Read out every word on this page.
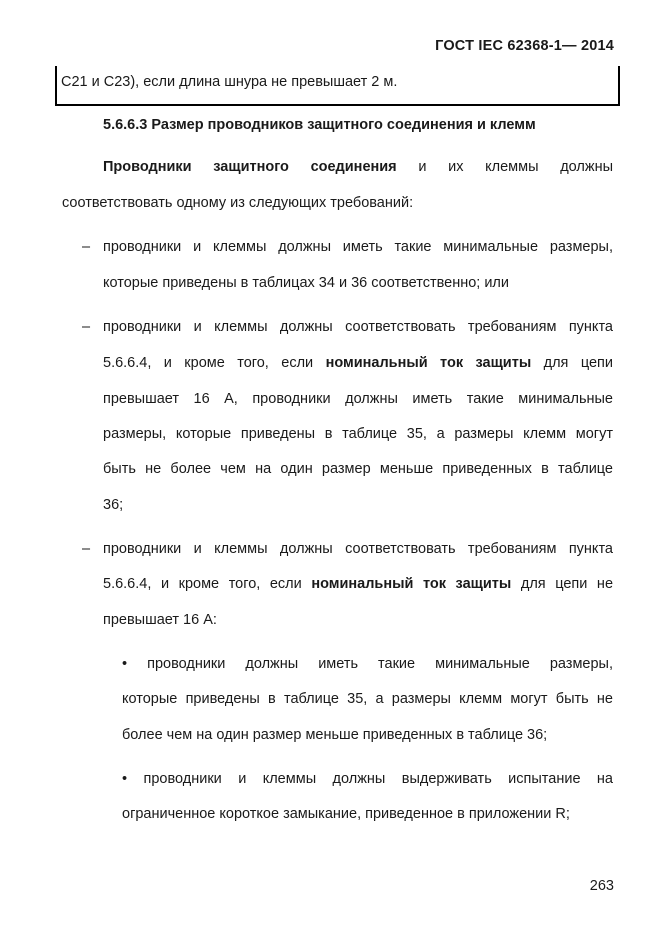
ГОСТ IEC 62368-1— 2014
C21 и C23), если длина шнура не превышает 2 м.
5.6.6.3 Размер проводников защитного соединения и клемм
Проводники защитного соединения и их клеммы должны
соответствовать одному из следующих требований:
– проводники и клеммы должны иметь такие минимальные размеры,
которые приведены в таблицах 34 и 36 соответственно; или
– проводники и клеммы должны соответствовать требованиям пункта
5.6.6.4, и кроме того, если номинальный ток защиты для цепи
превышает 16 А, проводники должны иметь такие минимальные
размеры, которые приведены в таблице 35, а размеры клемм могут
быть не более чем на один размер меньше приведенных в таблице
36;
– проводники и клеммы должны соответствовать требованиям пункта
5.6.6.4, и кроме того, если номинальный ток защиты для цепи не
превышает 16 А:
• проводники должны иметь такие минимальные размеры,
которые приведены в таблице 35, а размеры клемм могут быть не
более чем на один размер меньше приведенных в таблице 36;
• проводники и клеммы должны выдерживать испытание на
ограниченное короткое замыкание, приведенное в приложении R;
263
